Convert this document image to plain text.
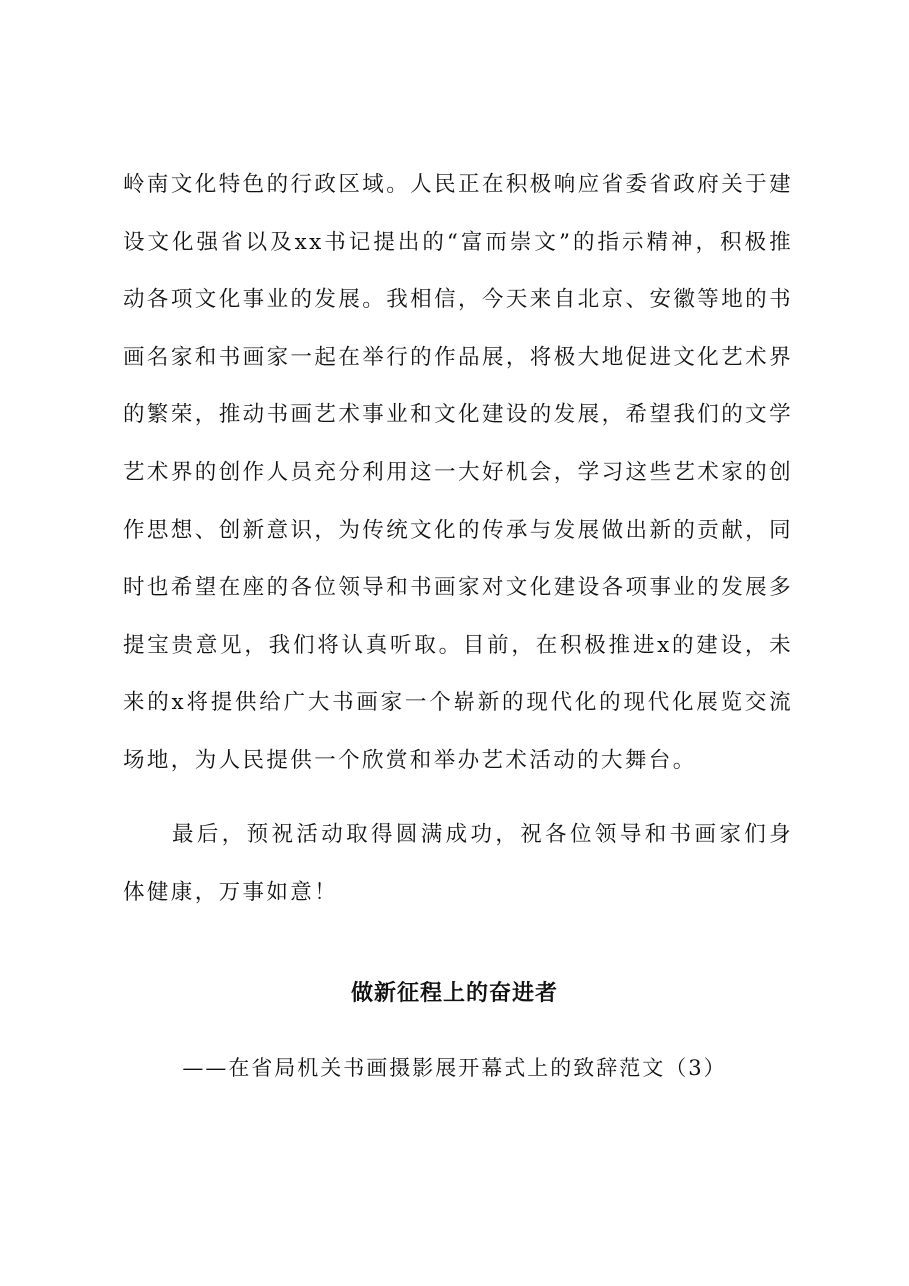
岭南文化特色的行政区域。人民正在积极响应省委省政府关于建设文化强省以及xx书记提出的“富而崇文”的指示精神，积极推动各项文化事业的发展。我相信，今天来自北京、安徽等地的书画名家和书画家一起在举行的作品展，将极大地促进文化艺术界的繁荣，推动书画艺术事业和文化建设的发展，希望我们的文学艺术界的创作人员充分利用这一大好机会，学习这些艺术家的创作思想、创新意识，为传统文化的传承与发展做出新的贡献，同时也希望在座的各位领导和书画家对文化建设各项事业的发展多提宝贵意见，我们将认真听取。目前，在积极推进x的建设，未来的x将提供给广大书画家一个崭新的现代化的现代化展览交流场地，为人民提供一个欣赏和举办艺术活动的大舞台。

最后，预祝活动取得圆满成功，祝各位领导和书画家们身体健康，万事如意！

做新征程上的奋进者

——在省局机关书画摄影展开幕式上的致辞范文（3）
